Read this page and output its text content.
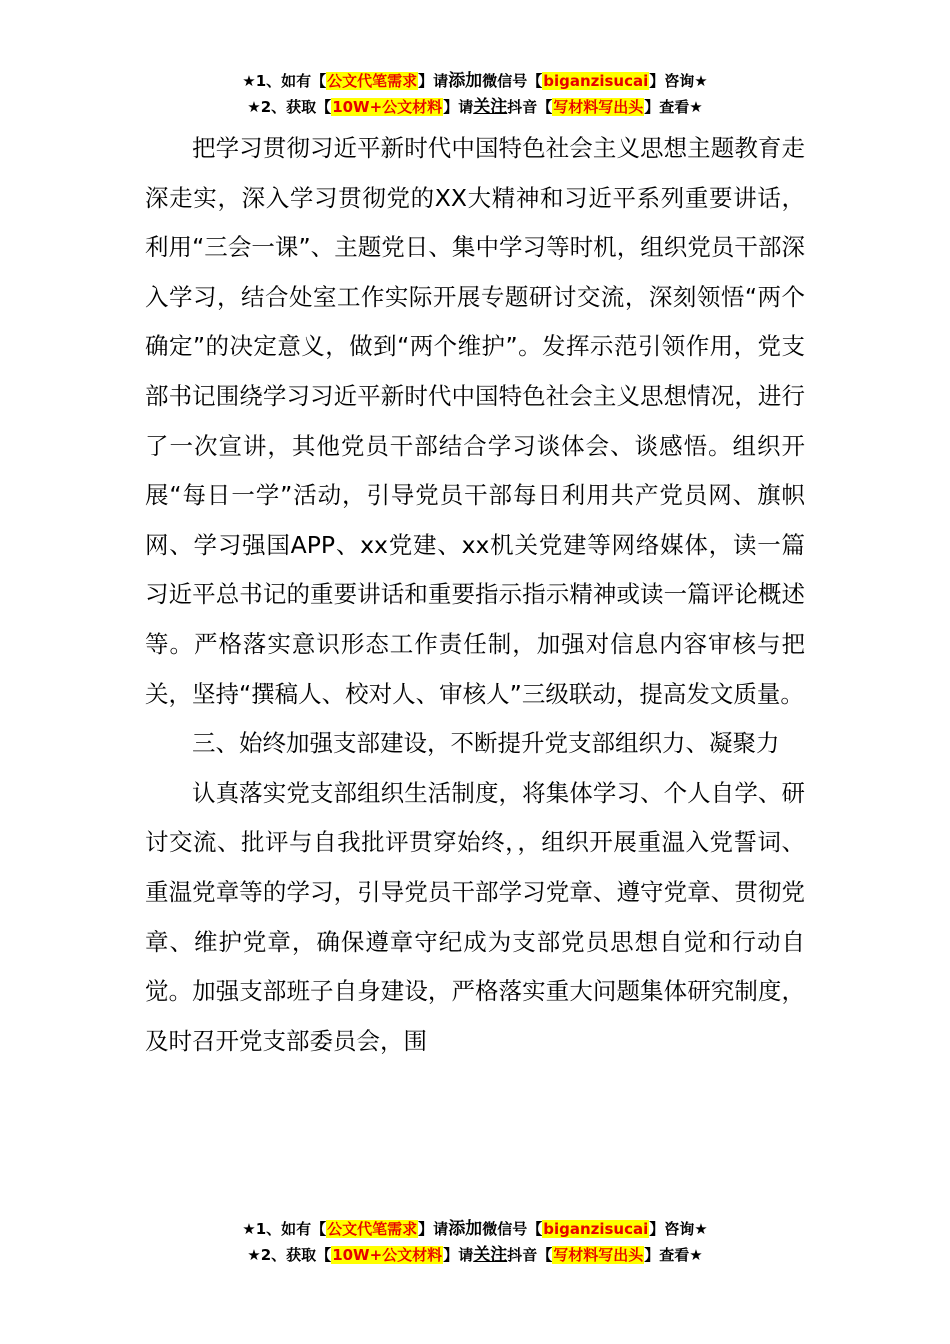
★1、如有【公文代笔需求】请添加微信号【biganzisucai】咨询★
★2、获取【10W+公文材料】请关注抖音【写材料写出头】查看★

把学习贯彻习近平新时代中国特色社会主义思想主题教育走深走实，深入学习贯彻党的XX大精神和习近平系列重要讲话，利用“三会一课”、主题党日、集中学习等时机，组织党员干部深入学习，结合处室工作实际开展专题研讨交流，深刻领悟“两个确定”的决定意义，做到“两个维护”。发挥示范引领作用，党支部书记围绕学习习近平新时代中国特色社会主义思想情况，进行了一次宣讲，其他党员干部结合学习谈体会、谈感悟。组织开展“每日一学”活动，引导党员干部每日利用共产党员网、旗帜网、学习强国APP、xx党建、xx机关党建等网络媒体，读一篇习近平总书记的重要讲话和重要指示指示精神或读一篇评论概述等。严格落实意识形态工作责任制，加强对信息内容审核与把关，坚持“撰稿人、校对人、审核人”三级联动，提高发文质量。

三、始终加强支部建设，不断提升党支部组织力、凝聚力

认真落实党支部组织生活制度，将集体学习、个人自学、研讨交流、批评与自我批评贯穿始终，，组织开展重温入党誓词、重温党章等的学习，引导党员干部学习党章、遵守党章、贯彻党章、维护党章，确保遵章守纪成为支部党员思想自觉和行动自觉。加强支部班子自身建设，严格落实重大问题集体研究制度，及时召开党支部委员会，围

★1、如有【公文代笔需求】请添加微信号【biganzisucai】咨询★
★2、获取【10W+公文材料】请关注抖音【写材料写出头】查看★
